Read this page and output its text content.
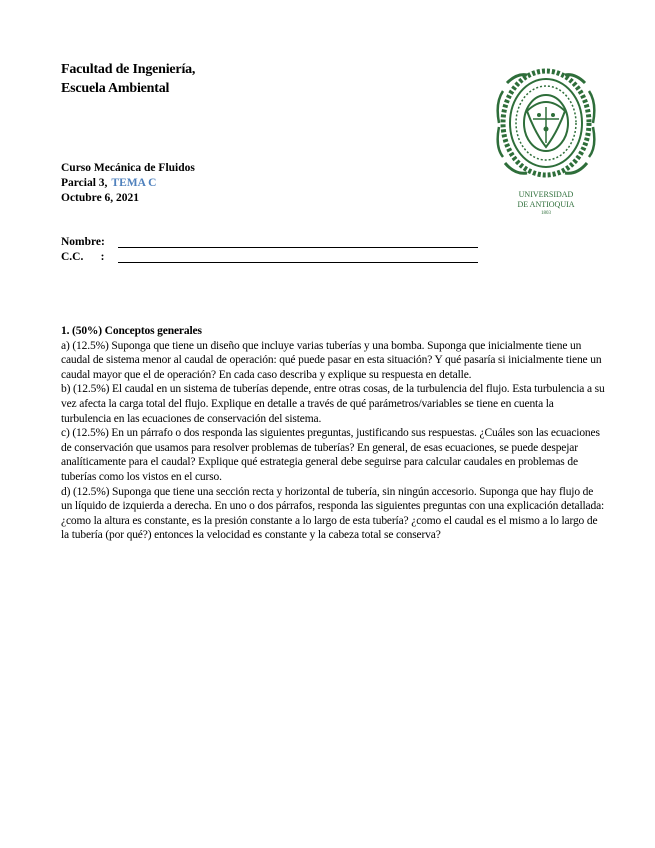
Facultad de Ingeniería,
Escuela Ambiental
UNIVERSIDAD
DE ANTIOQUIA
1803
Curso Mecánica de Fluidos
Parcial 3, TEMA C
Octubre 6, 2021
Nombre:
C.C.      :
1. (50%) Conceptos generales
a) (12.5%) Suponga que tiene un diseño que incluye varias tuberías y una bomba. Suponga que inicialmente tiene un caudal de sistema menor al caudal de operación: qué puede pasar en esta situación? Y qué pasaría si inicialmente tiene un caudal mayor que el de operación? En cada caso describa y explique su respuesta en detalle.
b) (12.5%) El caudal en un sistema de tuberías depende, entre otras cosas, de la turbulencia del flujo. Esta turbulencia a su vez afecta la carga total del flujo. Explique en detalle a través de qué parámetros/variables se tiene en cuenta la turbulencia en las ecuaciones de conservación del sistema.
c) (12.5%) En un párrafo o dos responda las siguientes preguntas, justificando sus respuestas. ¿Cuáles son las ecuaciones de conservación que usamos para resolver problemas de tuberías? En general, de esas ecuaciones, se puede despejar analíticamente para el caudal? Explique qué estrategia general debe seguirse para calcular caudales en problemas de tuberías como los vistos en el curso.
d) (12.5%) Suponga que tiene una sección recta y horizontal de tubería, sin ningún accesorio. Suponga que hay flujo de un líquido de izquierda a derecha. En uno o dos párrafos, responda las siguientes preguntas con una explicación detallada: ¿como la altura es constante, es la presión constante a lo largo de esta tubería? ¿como el caudal es el mismo a lo largo de la tubería (por qué?) entonces la velocidad es constante y la cabeza total se conserva?
